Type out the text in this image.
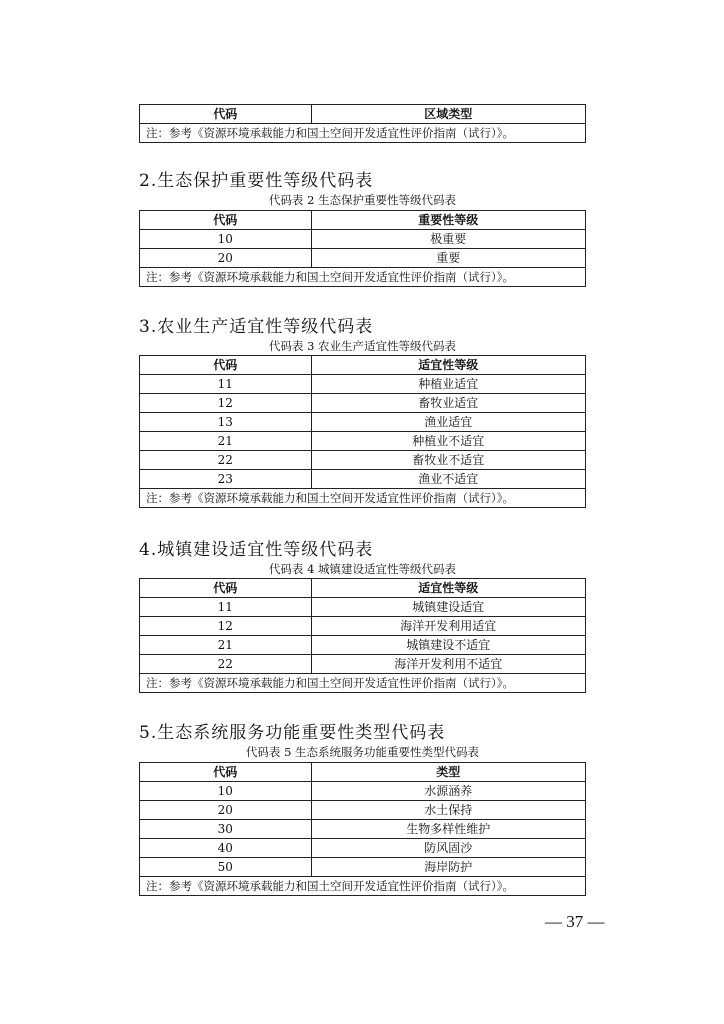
代码	区域类型
注：参考《资源环境承载能力和国土空间开发适宜性评价指南（试行）》。
2.生态保护重要性等级代码表
代码表 2 生态保护重要性等级代码表
代码	重要性等级
10	极重要
20	重要
注：参考《资源环境承载能力和国土空间开发适宜性评价指南（试行）》。	
3.农业生产适宜性等级代码表
代码表 3 农业生产适宜性等级代码表
代码	适宜性等级
11	种植业适宜
12	畜牧业适宜
13	渔业适宜
21	种植业不适宜
22	畜牧业不适宜
23	渔业不适宜
注：参考《资源环境承载能力和国土空间开发适宜性评价指南（试行）》。	
4.城镇建设适宜性等级代码表
代码表 4 城镇建设适宜性等级代码表
代码	适宜性等级
11	城镇建设适宜
12	海洋开发利用适宜
21	城镇建设不适宜
22	海洋开发利用不适宜
注：参考《资源环境承载能力和国土空间开发适宜性评价指南（试行）》。	
5.生态系统服务功能重要性类型代码表
代码表 5 生态系统服务功能重要性类型代码表
代码	类型
10	水源涵养
20	水土保持
30	生物多样性维护
40	防风固沙
50	海岸防护
注：参考《资源环境承载能力和国土空间开发适宜性评价指南（试行）》。	
— 37 —
